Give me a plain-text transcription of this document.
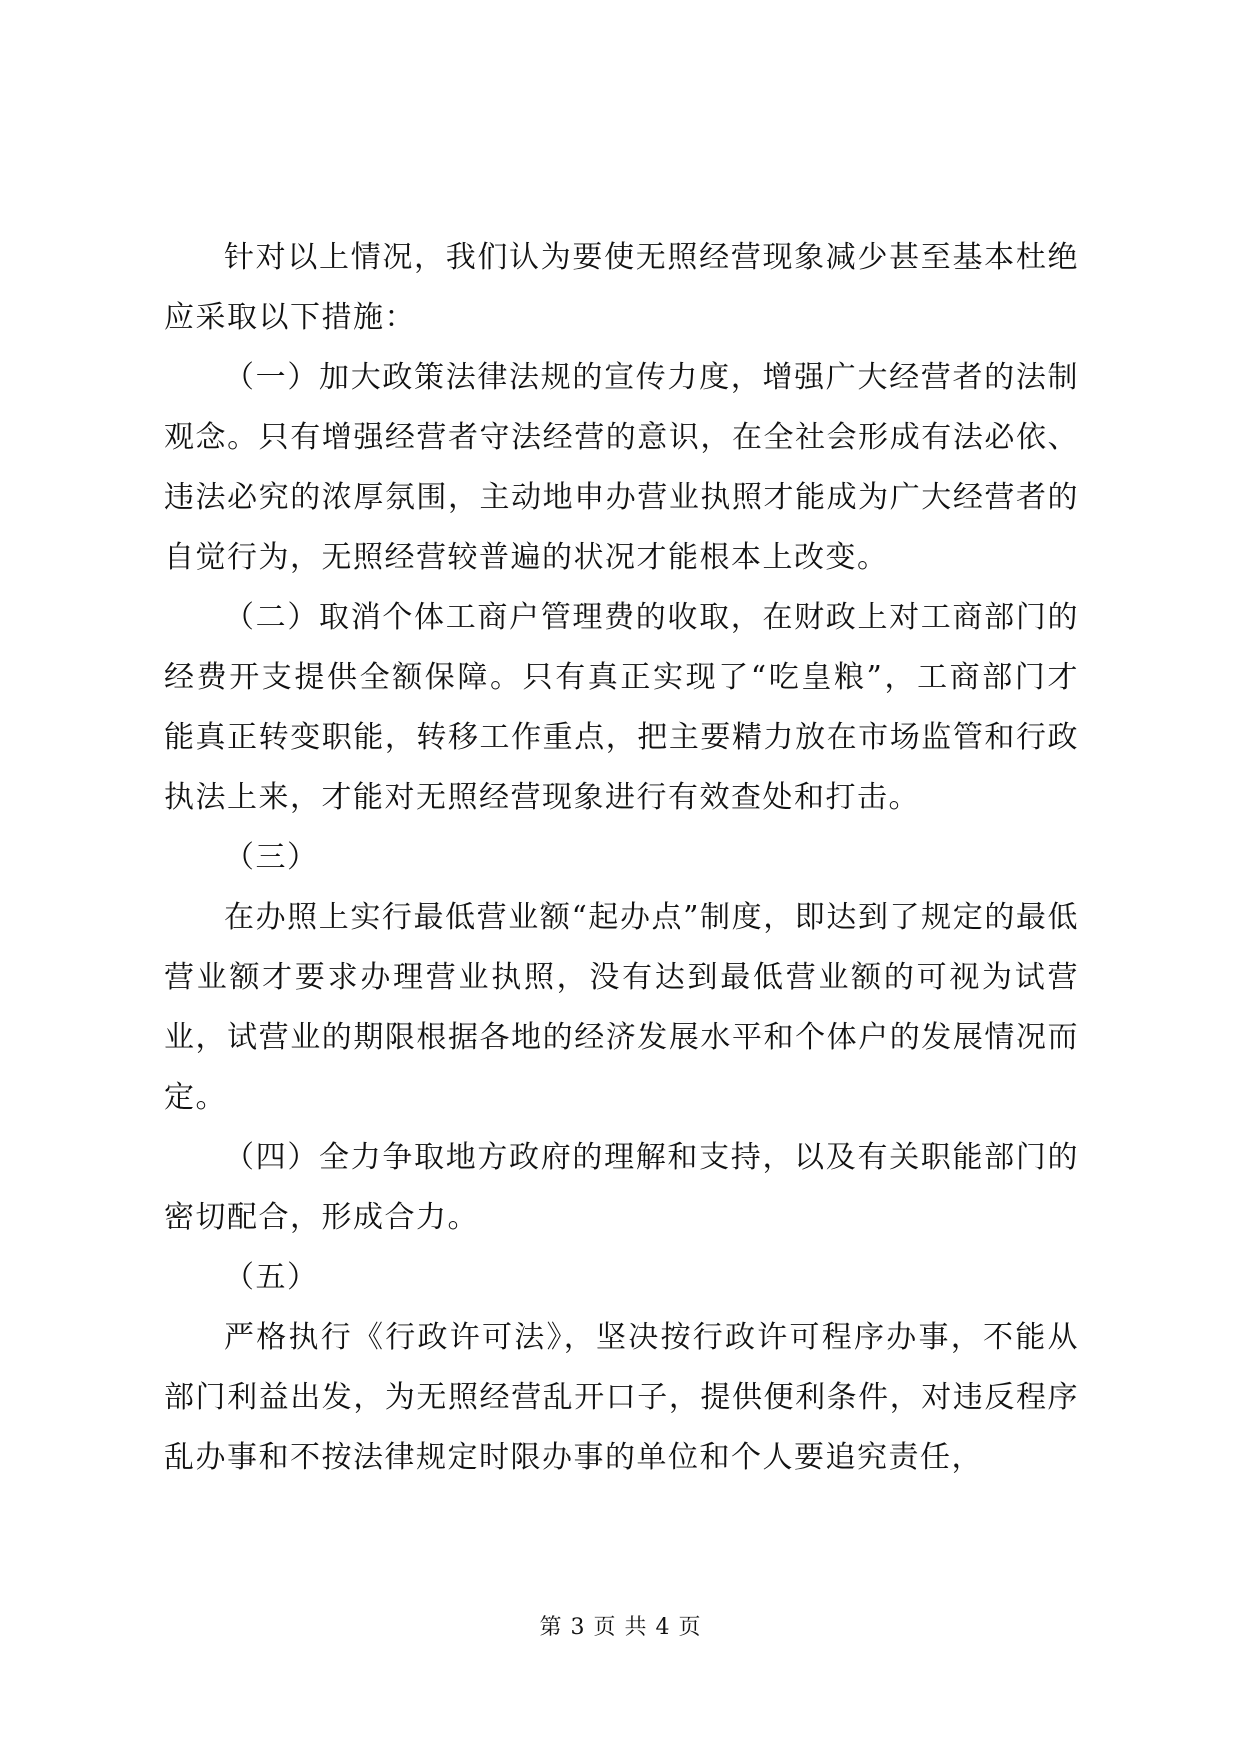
针对以上情况，我们认为要使无照经营现象减少甚至基本杜绝应采取以下措施：

（一）加大政策法律法规的宣传力度，增强广大经营者的法制观念。只有增强经营者守法经营的意识，在全社会形成有法必依、违法必究的浓厚氛围，主动地申办营业执照才能成为广大经营者的自觉行为，无照经营较普遍的状况才能根本上改变。

（二）取消个体工商户管理费的收取，在财政上对工商部门的经费开支提供全额保障。只有真正实现了“吃皇粮”，工商部门才能真正转变职能，转移工作重点，把主要精力放在市场监管和行政执法上来，才能对无照经营现象进行有效查处和打击。

（三）

在办照上实行最低营业额“起办点”制度，即达到了规定的最低营业额才要求办理营业执照，没有达到最低营业额的可视为试营业，试营业的期限根据各地的经济发展水平和个体户的发展情况而定。

（四）全力争取地方政府的理解和支持，以及有关职能部门的密切配合，形成合力。

（五）

严格执行《行政许可法》，坚决按行政许可程序办事，不能从部门利益出发，为无照经营乱开口子，提供便利条件，对违反程序乱办事和不按法律规定时限办事的单位和个人要追究责任，

第 3 页 共 4 页
